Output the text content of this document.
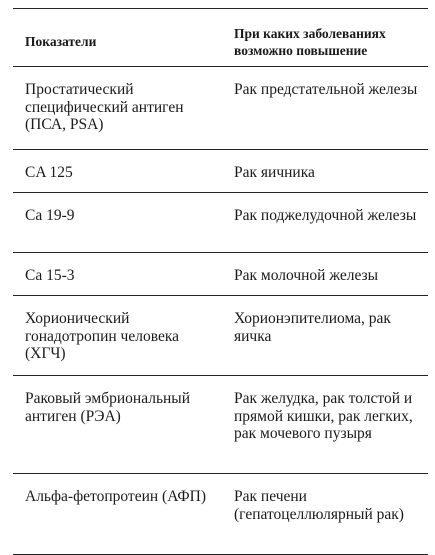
Показатели	При каких заболеваниях возможно повышение
Простатический специфический антиген (ПСА, PSA)	Рак предстательной железы
CA 125	Рак яичника
Ca 19-9	Рак поджелудочной железы
Ca 15-3	Рак молочной железы
Хорионический гонадотропин человека (ХГЧ)	Хорионэпителиома, рак яичка
Раковый эмбриональный антиген (РЭА)	Рак желудка, рак толстой и прямой кишки, рак легких, рак мочевого пузыря
Альфа-фетопротеин (АФП)	Рак печени (гепатоцеллюлярный рак)
